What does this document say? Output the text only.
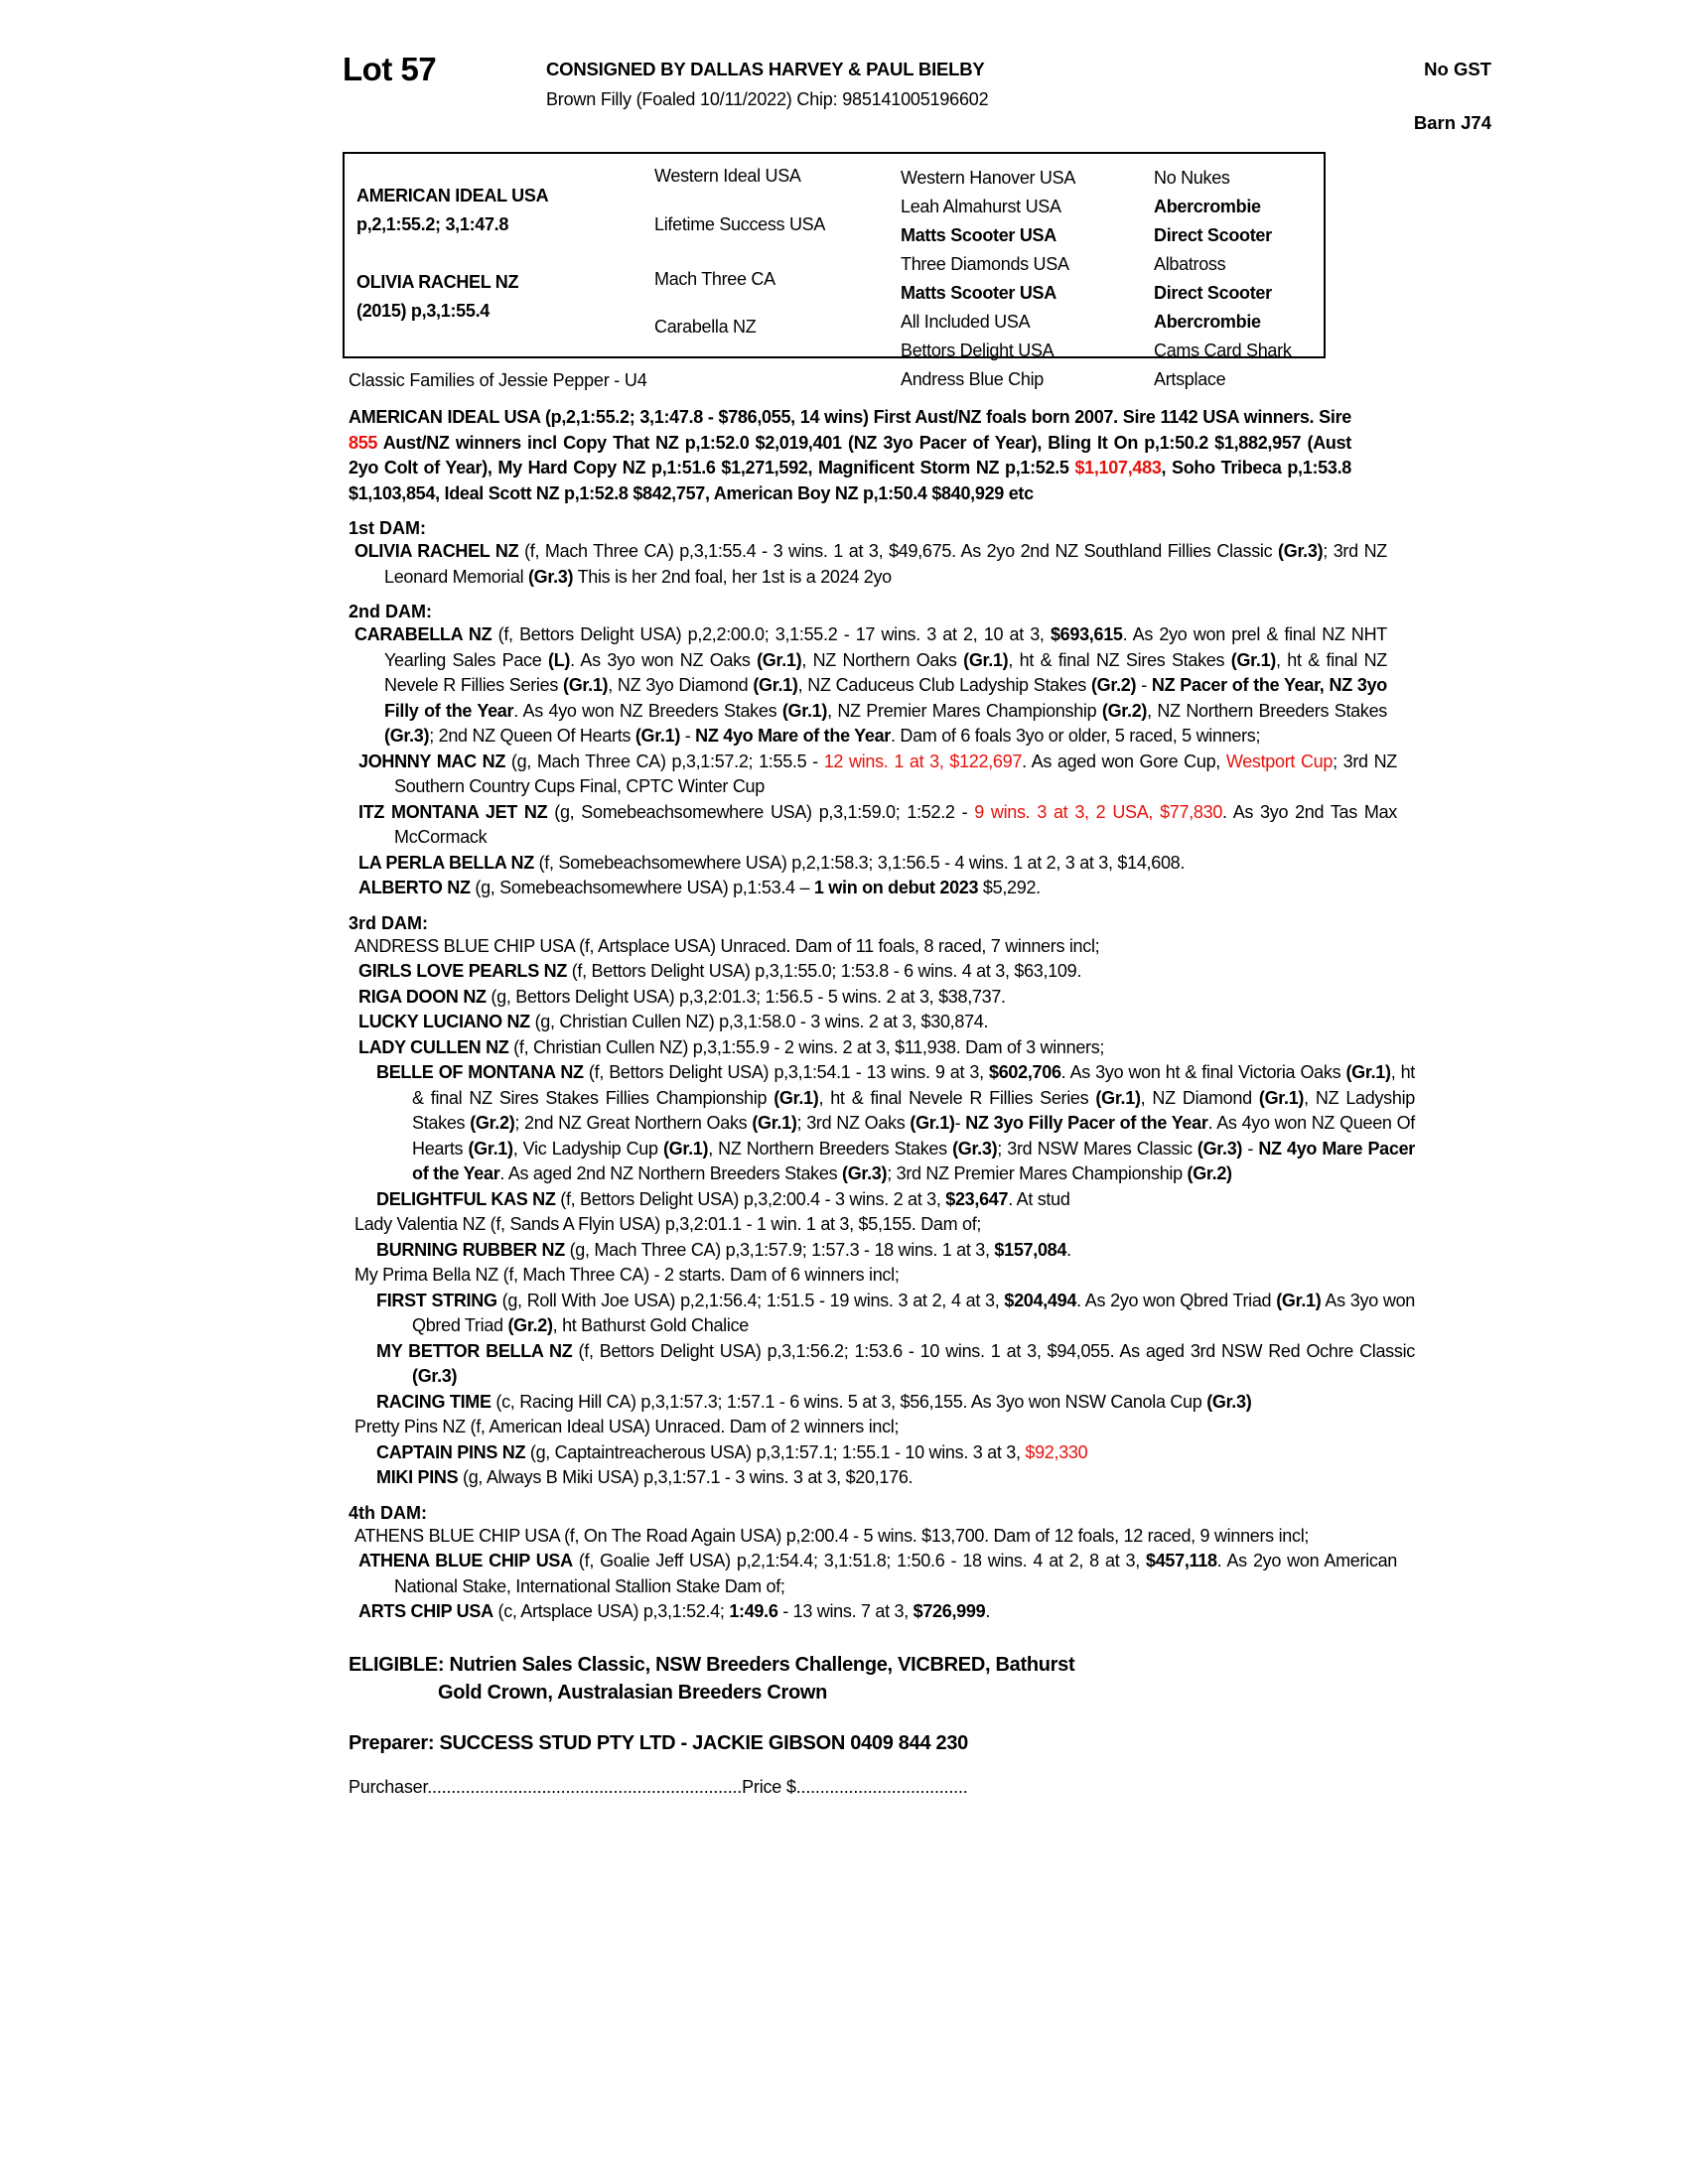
Lot 57	CONSIGNED BY DALLAS HARVEY & PAUL BIELBY
Brown Filly (Foaled 10/11/2022) Chip: 985141005196602
No GST
Barn J74
AMERICAN IDEAL USA
p,2,1:55.2; 3,1:47.8
OLIVIA RACHEL NZ
(2015) p,3,1:55.4
Western Ideal USA
Lifetime Success USA
Mach Three CA
Carabella NZ
Western Hanover USA
Leah Almahurst USA
Matts Scooter USA
Three Diamonds USA
Matts Scooter USA
All Included USA
Bettors Delight USA
Andress Blue Chip
No Nukes
Abercrombie
Direct Scooter
Albatross
Direct Scooter
Abercrombie
Cams Card Shark
Artsplace
Classic Families of Jessie Pepper - U4
AMERICAN IDEAL USA (p,2,1:55.2; 3,1:47.8 - $786,055, 14 wins) First Aust/NZ foals born 2007. Sire 1142 USA winners. Sire 855 Aust/NZ winners incl Copy That NZ p,1:52.0 $2,019,401 (NZ 3yo Pacer of Year), Bling It On p,1:50.2 $1,882,957 (Aust 2yo Colt of Year), My Hard Copy NZ p,1:51.6 $1,271,592, Magnificent Storm NZ p,1:52.5 $1,107,483, Soho Tribeca p,1:53.8 $1,103,854, Ideal Scott NZ p,1:52.8 $842,757, American Boy NZ p,1:50.4 $840,929 etc
1st DAM:
OLIVIA RACHEL NZ (f, Mach Three CA) p,3,1:55.4 - 3 wins. 1 at 3, $49,675. As 2yo 2nd NZ Southland Fillies Classic (Gr.3); 3rd NZ Leonard Memorial (Gr.3) This is her 2nd foal, her 1st is a 2024 2yo
2nd DAM:
CARABELLA NZ (f, Bettors Delight USA) p,2,2:00.0; 3,1:55.2 - 17 wins. 3 at 2, 10 at 3, $693,615. As 2yo won prel & final NZ NHT Yearling Sales Pace (L). As 3yo won NZ Oaks (Gr.1), NZ Northern Oaks (Gr.1), ht & final NZ Sires Stakes (Gr.1), ht & final NZ Nevele R Fillies Series (Gr.1), NZ 3yo Diamond (Gr.1), NZ Caduceus Club Ladyship Stakes (Gr.2) - NZ Pacer of the Year, NZ 3yo Filly of the Year. As 4yo won NZ Breeders Stakes (Gr.1), NZ Premier Mares Championship (Gr.2), NZ Northern Breeders Stakes (Gr.3); 2nd NZ Queen Of Hearts (Gr.1) - NZ 4yo Mare of the Year. Dam of 6 foals 3yo or older, 5 raced, 5 winners;
JOHNNY MAC NZ (g, Mach Three CA) p,3,1:57.2; 1:55.5 - 12 wins. 1 at 3, $122,697. As aged won Gore Cup, Westport Cup; 3rd NZ Southern Country Cups Final, CPTC Winter Cup
ITZ MONTANA JET NZ (g, Somebeachsomewhere USA) p,3,1:59.0; 1:52.2 - 9 wins. 3 at 3, 2 USA, $77,830. As 3yo 2nd Tas Max McCormack
LA PERLA BELLA NZ (f, Somebeachsomewhere USA) p,2,1:58.3; 3,1:56.5 - 4 wins. 1 at 2, 3 at 3, $14,608.
ALBERTO NZ (g, Somebeachsomewhere USA) p,1:53.4 – 1 win on debut 2023 $5,292.
3rd DAM:
ANDRESS BLUE CHIP USA (f, Artsplace USA) Unraced. Dam of 11 foals, 8 raced, 7 winners incl;
GIRLS LOVE PEARLS NZ (f, Bettors Delight USA) p,3,1:55.0; 1:53.8 - 6 wins. 4 at 3, $63,109.
RIGA DOON NZ (g, Bettors Delight USA) p,3,2:01.3; 1:56.5 - 5 wins. 2 at 3, $38,737.
LUCKY LUCIANO NZ (g, Christian Cullen NZ) p,3,1:58.0 - 3 wins. 2 at 3, $30,874.
LADY CULLEN NZ (f, Christian Cullen NZ) p,3,1:55.9 - 2 wins. 2 at 3, $11,938. Dam of 3 winners;
BELLE OF MONTANA NZ (f, Bettors Delight USA) p,3,1:54.1 - 13 wins. 9 at 3, $602,706. As 3yo won ht & final Victoria Oaks (Gr.1), ht & final NZ Sires Stakes Fillies Championship (Gr.1), ht & final Nevele R Fillies Series (Gr.1), NZ Diamond (Gr.1), NZ Ladyship Stakes (Gr.2); 2nd NZ Great Northern Oaks (Gr.1); 3rd NZ Oaks (Gr.1)- NZ 3yo Filly Pacer of the Year. As 4yo won NZ Queen Of Hearts (Gr.1), Vic Ladyship Cup (Gr.1), NZ Northern Breeders Stakes (Gr.3); 3rd NSW Mares Classic (Gr.3) - NZ 4yo Mare Pacer of the Year. As aged 2nd NZ Northern Breeders Stakes (Gr.3); 3rd NZ Premier Mares Championship (Gr.2)
DELIGHTFUL KAS NZ (f, Bettors Delight USA) p,3,2:00.4 - 3 wins. 2 at 3, $23,647. At stud
Lady Valentia NZ (f, Sands A Flyin USA) p,3,2:01.1 - 1 win. 1 at 3, $5,155. Dam of;
BURNING RUBBER NZ (g, Mach Three CA) p,3,1:57.9; 1:57.3 - 18 wins. 1 at 3, $157,084.
My Prima Bella NZ (f, Mach Three CA) - 2 starts. Dam of 6 winners incl;
FIRST STRING (g, Roll With Joe USA) p,2,1:56.4; 1:51.5 - 19 wins. 3 at 2, 4 at 3, $204,494. As 2yo won Qbred Triad (Gr.1) As 3yo won Qbred Triad (Gr.2), ht Bathurst Gold Chalice
MY BETTOR BELLA NZ (f, Bettors Delight USA) p,3,1:56.2; 1:53.6 - 10 wins. 1 at 3, $94,055. As aged 3rd NSW Red Ochre Classic (Gr.3)
RACING TIME (c, Racing Hill CA) p,3,1:57.3; 1:57.1 - 6 wins. 5 at 3, $56,155. As 3yo won NSW Canola Cup (Gr.3)
Pretty Pins NZ (f, American Ideal USA) Unraced. Dam of 2 winners incl;
CAPTAIN PINS NZ (g, Captaintreacherous USA) p,3,1:57.1; 1:55.1 - 10 wins. 3 at 3, $92,330
MIKI PINS (g, Always B Miki USA) p,3,1:57.1 - 3 wins. 3 at 3, $20,176.
4th DAM:
ATHENS BLUE CHIP USA (f, On The Road Again USA) p,2:00.4 - 5 wins. $13,700. Dam of 12 foals, 12 raced, 9 winners incl;
ATHENA BLUE CHIP USA (f, Goalie Jeff USA) p,2,1:54.4; 3,1:51.8; 1:50.6 - 18 wins. 4 at 2, 8 at 3, $457,118. As 2yo won American National Stake, International Stallion Stake Dam of;
ARTS CHIP USA (c, Artsplace USA) p,3,1:52.4; 1:49.6 - 13 wins. 7 at 3, $726,999.
ELIGIBLE: Nutrien Sales Classic, NSW Breeders Challenge, VICBRED, Bathurst
Gold Crown, Australasian Breeders Crown
Preparer: SUCCESS STUD PTY LTD - JACKIE GIBSON 0409 844 230
Purchaser..................................................................Price $....................................
